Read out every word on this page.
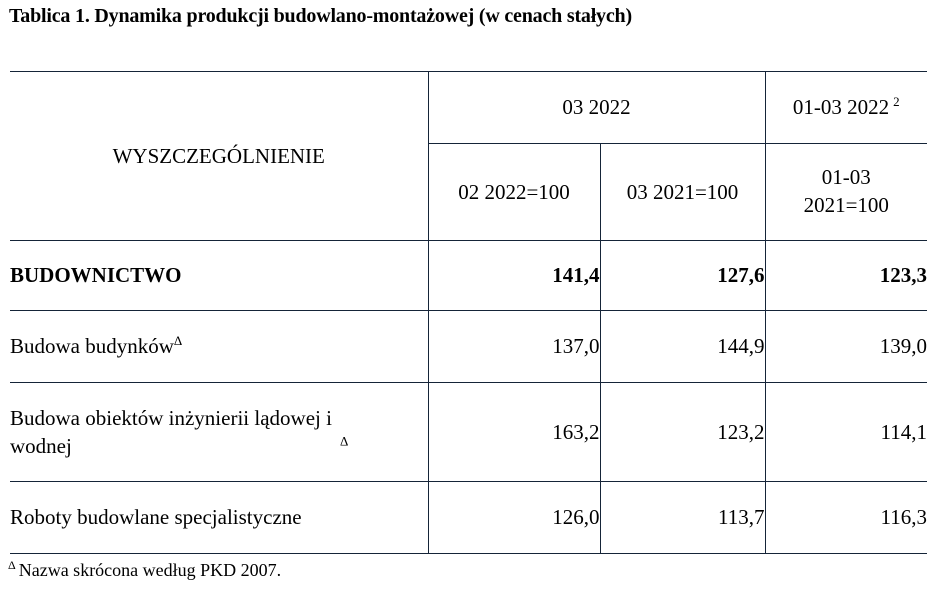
Tablica 1. Dynamika produkcji budowlano-montażowej (w cenach stałych)
WYSZCZEGÓLNIENIE	03 2022		01-03 2022 $^2$
	02 2022=100	03 2021=100	01-03
2021=100

BUDOWNICTWO	141,4	127,6	123,3
Budowa budynków$^\Delta$	137,0	144,9	139,0
Budowa obiektów inżynierii lądowej i wodnej $^\Delta$	163,2	123,2	114,1
Roboty budowlane specjalistyczne	126,0	113,7	116,3
$^\Delta$ Nazwa skrócona według PKD 2007.
